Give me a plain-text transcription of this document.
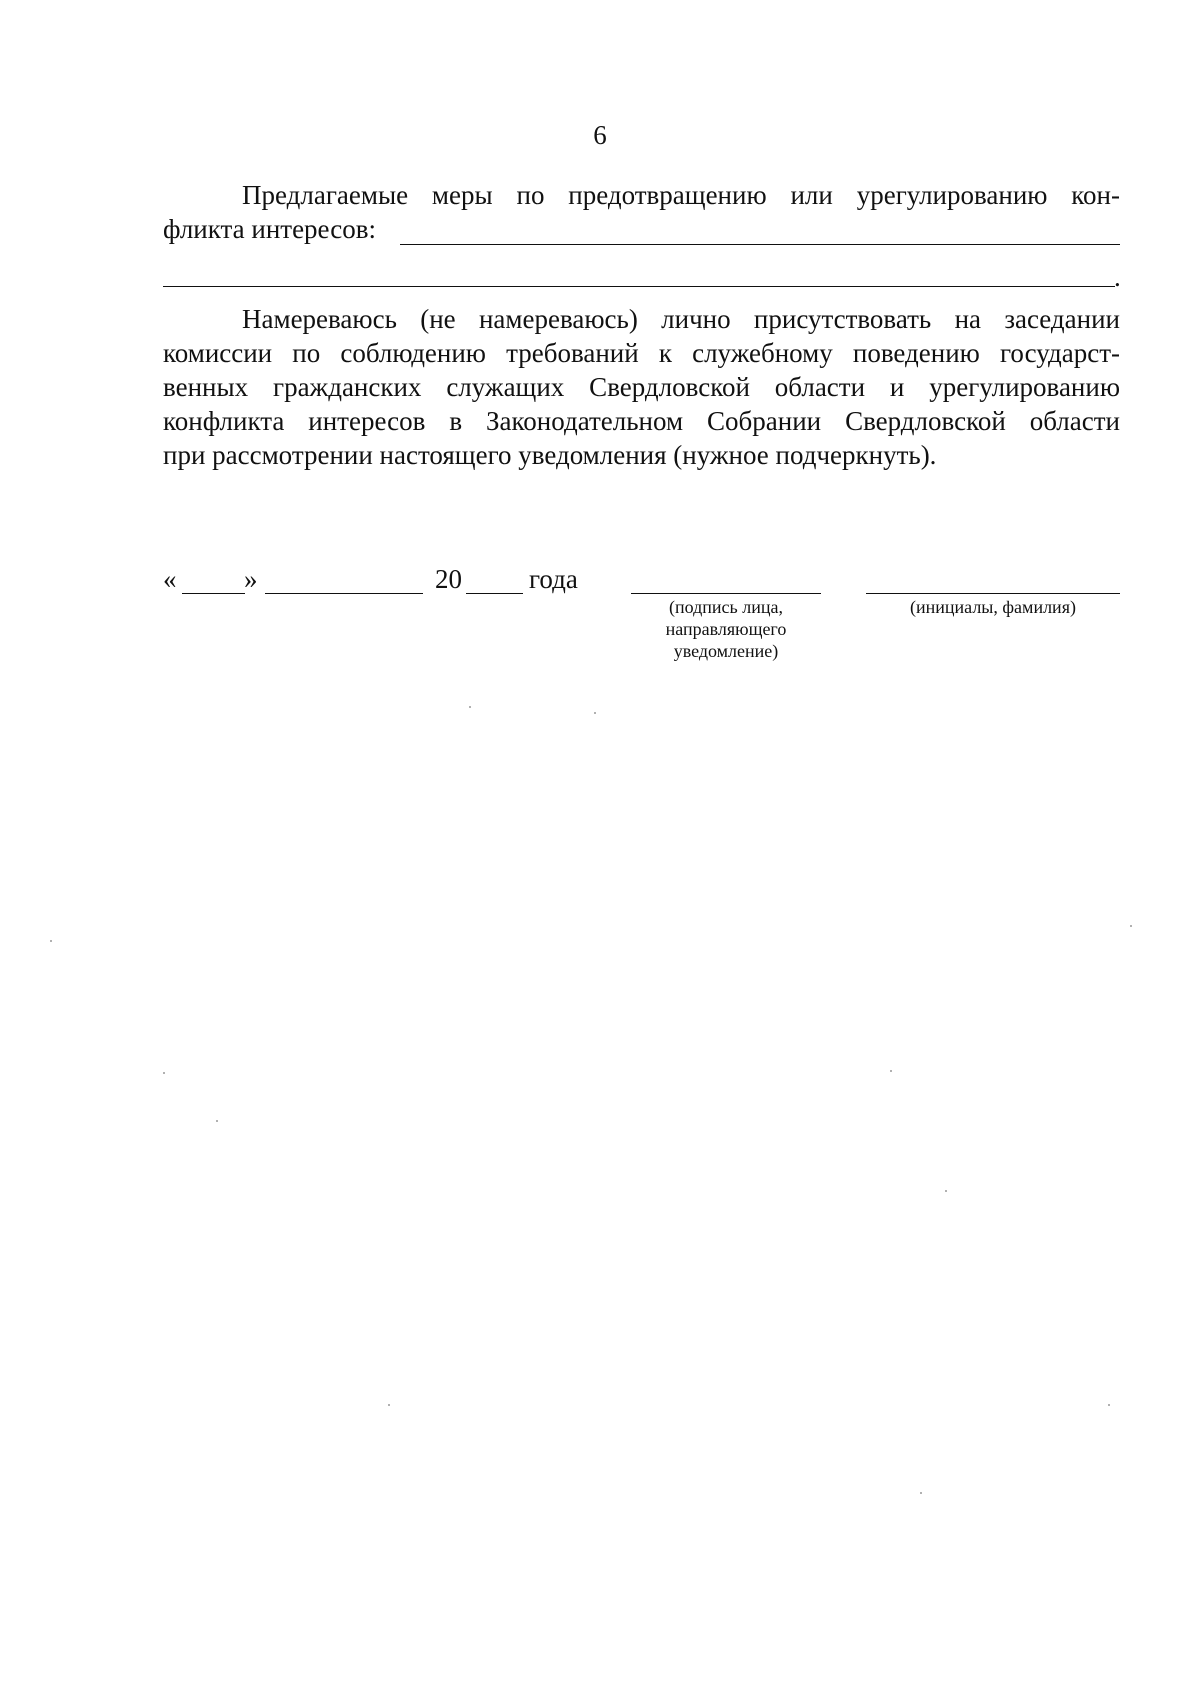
6
Предлагаемые меры по предотвращению или урегулированию кон-
фликта интересов:
.
Намереваюсь (не намереваюсь) лично присутствовать на заседании
комиссии по соблюдению требований к служебному поведению государст-
венных гражданских служащих Свердловской области и урегулированию
конфликта интересов в Законодательном Собрании Свердловской области
при рассмотрении настоящего уведомления (нужное подчеркнуть).
«	»	20 года
(подпись лица,
направляющего
уведомление)
(инициалы, фамилия)
